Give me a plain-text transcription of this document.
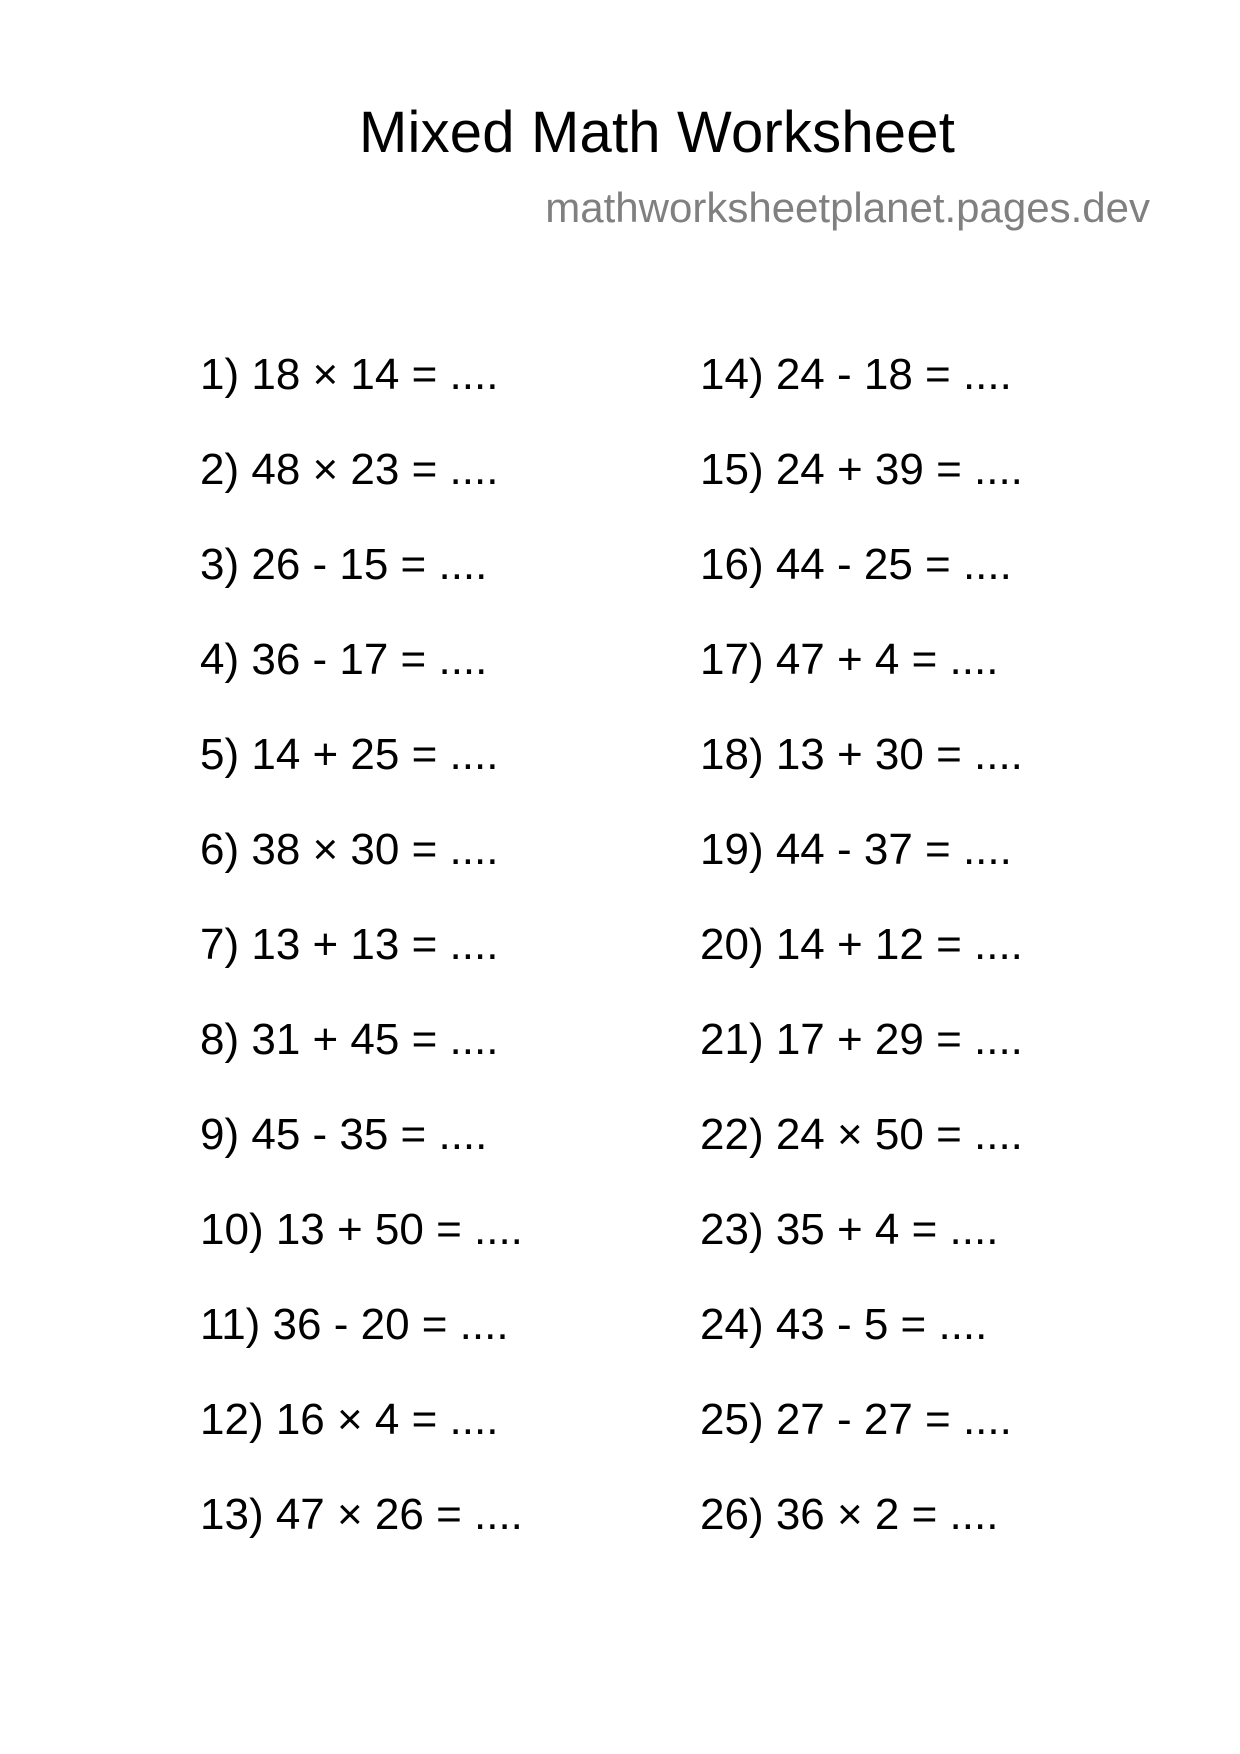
Mixed Math Worksheet
mathworksheetplanet.pages.dev
1) 18 × 14 = ....
2) 48 × 23 = ....
3) 26 - 15 = ....
4) 36 - 17 = ....
5) 14 + 25 = ....
6) 38 × 30 = ....
7) 13 + 13 = ....
8) 31 + 45 = ....
9) 45 - 35 = ....
10) 13 + 50 = ....
11) 36 - 20 = ....
12) 16 × 4 = ....
13) 47 × 26 = ....
14) 24 - 18 = ....
15) 24 + 39 = ....
16) 44 - 25 = ....
17) 47 + 4 = ....
18) 13 + 30 = ....
19) 44 - 37 = ....
20) 14 + 12 = ....
21) 17 + 29 = ....
22) 24 × 50 = ....
23) 35 + 4 = ....
24) 43 - 5 = ....
25) 27 - 27 = ....
26) 36 × 2 = ....
